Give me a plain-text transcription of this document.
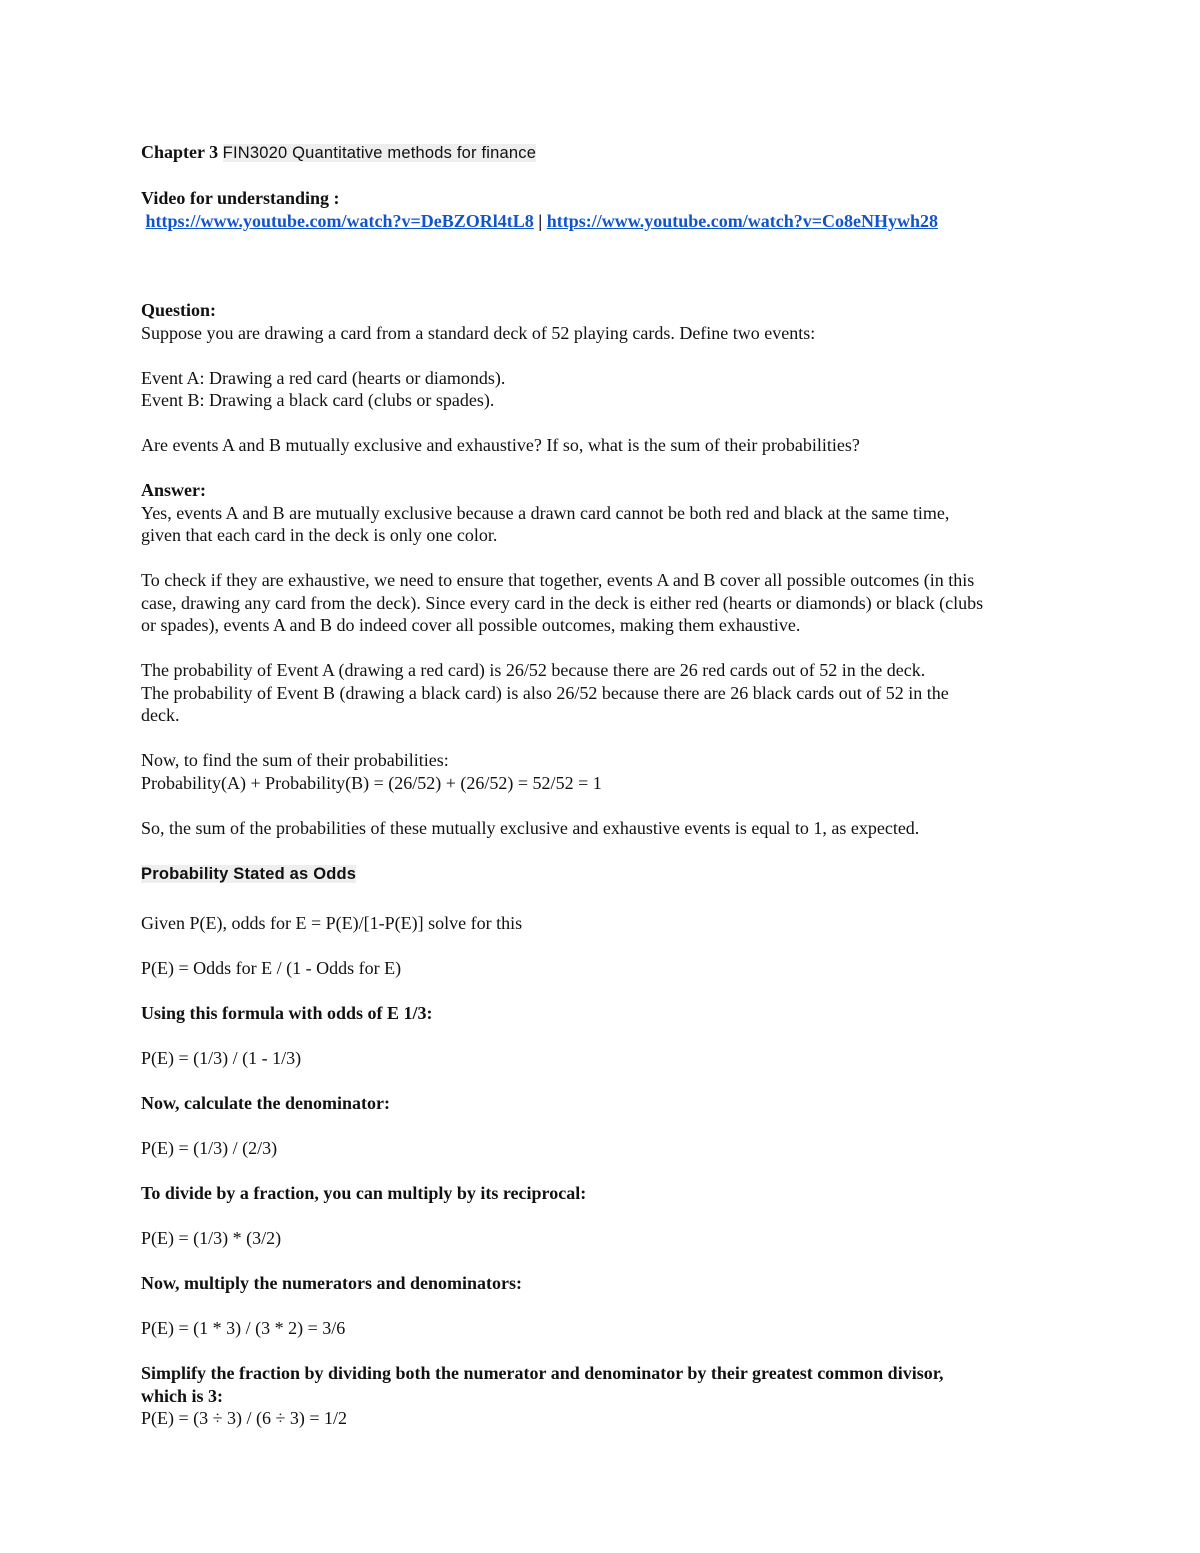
Chapter 3 FIN3020 Quantitative methods for finance
Video for understanding :
https://www.youtube.com/watch?v=DeBZORl4tL8 | https://www.youtube.com/watch?v=Co8eNHywh28
Question:
Suppose you are drawing a card from a standard deck of 52 playing cards. Define two events:
Event A: Drawing a red card (hearts or diamonds).
Event B: Drawing a black card (clubs or spades).
Are events A and B mutually exclusive and exhaustive? If so, what is the sum of their probabilities?
Answer:
Yes, events A and B are mutually exclusive because a drawn card cannot be both red and black at the same time,
given that each card in the deck is only one color.
To check if they are exhaustive, we need to ensure that together, events A and B cover all possible outcomes (in this
case, drawing any card from the deck). Since every card in the deck is either red (hearts or diamonds) or black (clubs
or spades), events A and B do indeed cover all possible outcomes, making them exhaustive.
The probability of Event A (drawing a red card) is 26/52 because there are 26 red cards out of 52 in the deck.
The probability of Event B (drawing a black card) is also 26/52 because there are 26 black cards out of 52 in the
deck.
Now, to find the sum of their probabilities:
Probability(A) + Probability(B) = (26/52) + (26/52) = 52/52 = 1
So, the sum of the probabilities of these mutually exclusive and exhaustive events is equal to 1, as expected.
Probability Stated as Odds
Given P(E), odds for E = P(E)/[1-P(E)] solve for this
P(E) = Odds for E / (1 - Odds for E)
Using this formula with odds of E 1/3:
P(E) = (1/3) / (1 - 1/3)
Now, calculate the denominator:
P(E) = (1/3) / (2/3)
To divide by a fraction, you can multiply by its reciprocal:
P(E) = (1/3) * (3/2)
Now, multiply the numerators and denominators:
P(E) = (1 * 3) / (3 * 2) = 3/6
Simplify the fraction by dividing both the numerator and denominator by their greatest common divisor,
which is 3:
P(E) = (3 ÷ 3) / (6 ÷ 3) = 1/2
